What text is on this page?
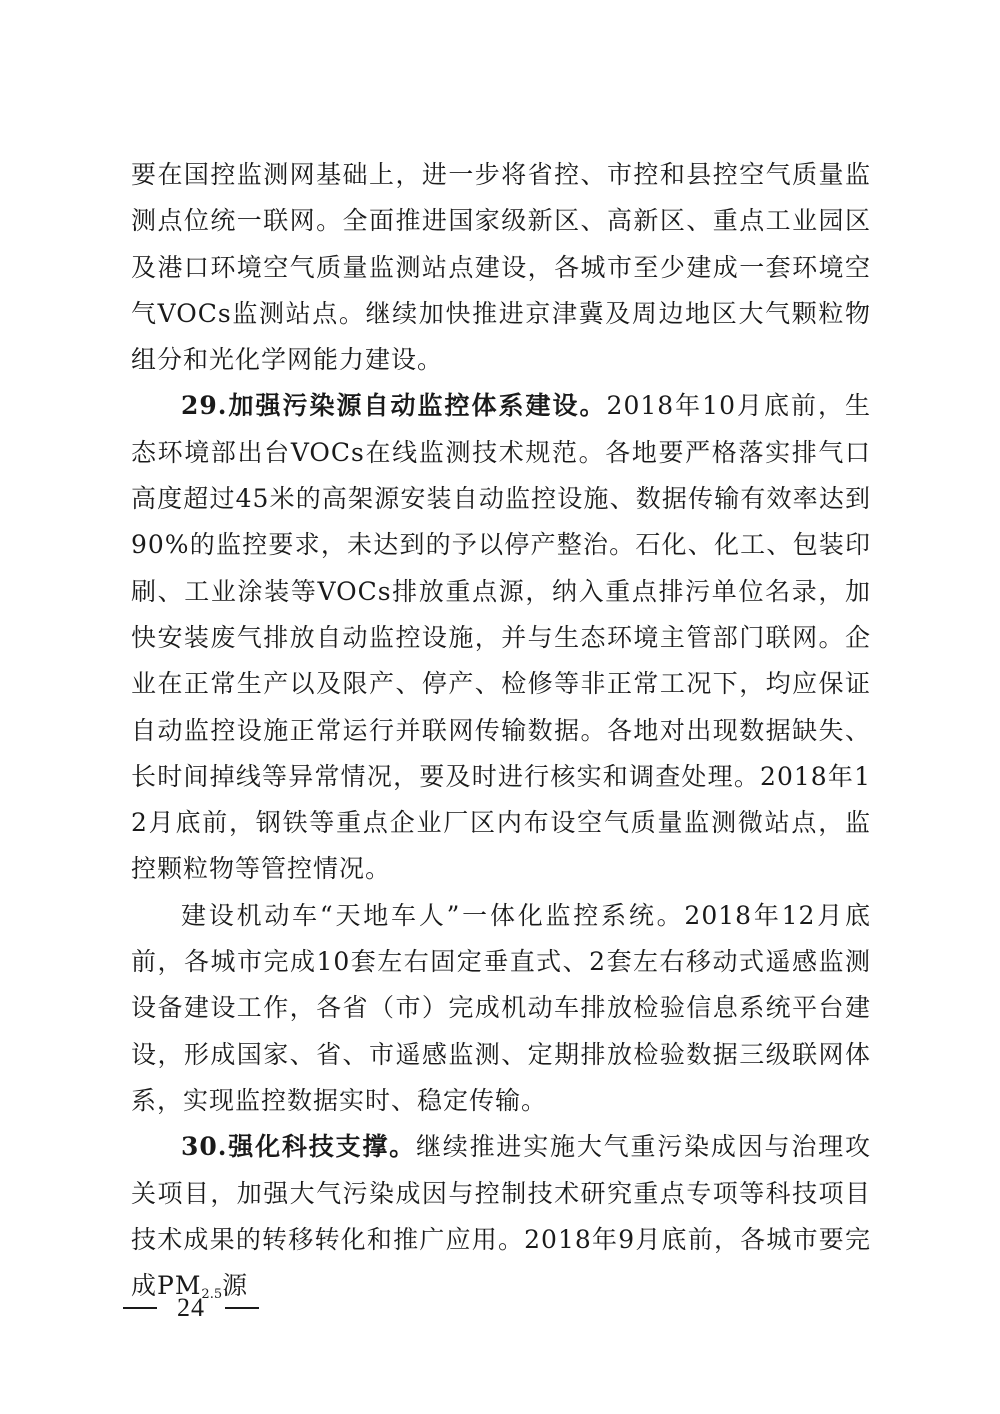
要在国控监测网基础上，进一步将省控、市控和县控空气质量监测点位统一联网。全面推进国家级新区、高新区、重点工业园区及港口环境空气质量监测站点建设，各城市至少建成一套环境空气VOCs监测站点。继续加快推进京津冀及周边地区大气颗粒物组分和光化学网能力建设。

29.加强污染源自动监控体系建设。2018年10月底前，生态环境部出台VOCs在线监测技术规范。各地要严格落实排气口高度超过45米的高架源安装自动监控设施、数据传输有效率达到90%的监控要求，未达到的予以停产整治。石化、化工、包装印刷、工业涂装等VOCs排放重点源，纳入重点排污单位名录，加快安装废气排放自动监控设施，并与生态环境主管部门联网。企业在正常生产以及限产、停产、检修等非正常工况下，均应保证自动监控设施正常运行并联网传输数据。各地对出现数据缺失、长时间掉线等异常情况，要及时进行核实和调查处理。2018年12月底前，钢铁等重点企业厂区内布设空气质量监测微站点，监控颗粒物等管控情况。

建设机动车“天地车人”一体化监控系统。2018年12月底前，各城市完成10套左右固定垂直式、2套左右移动式遥感监测设备建设工作，各省（市）完成机动车排放检验信息系统平台建设，形成国家、省、市遥感监测、定期排放检验数据三级联网体系，实现监控数据实时、稳定传输。

30.强化科技支撑。继续推进实施大气重污染成因与治理攻关项目，加强大气污染成因与控制技术研究重点专项等科技项目技术成果的转移转化和推广应用。2018年9月底前，各城市要完成$PM_{2.5}$源

24
